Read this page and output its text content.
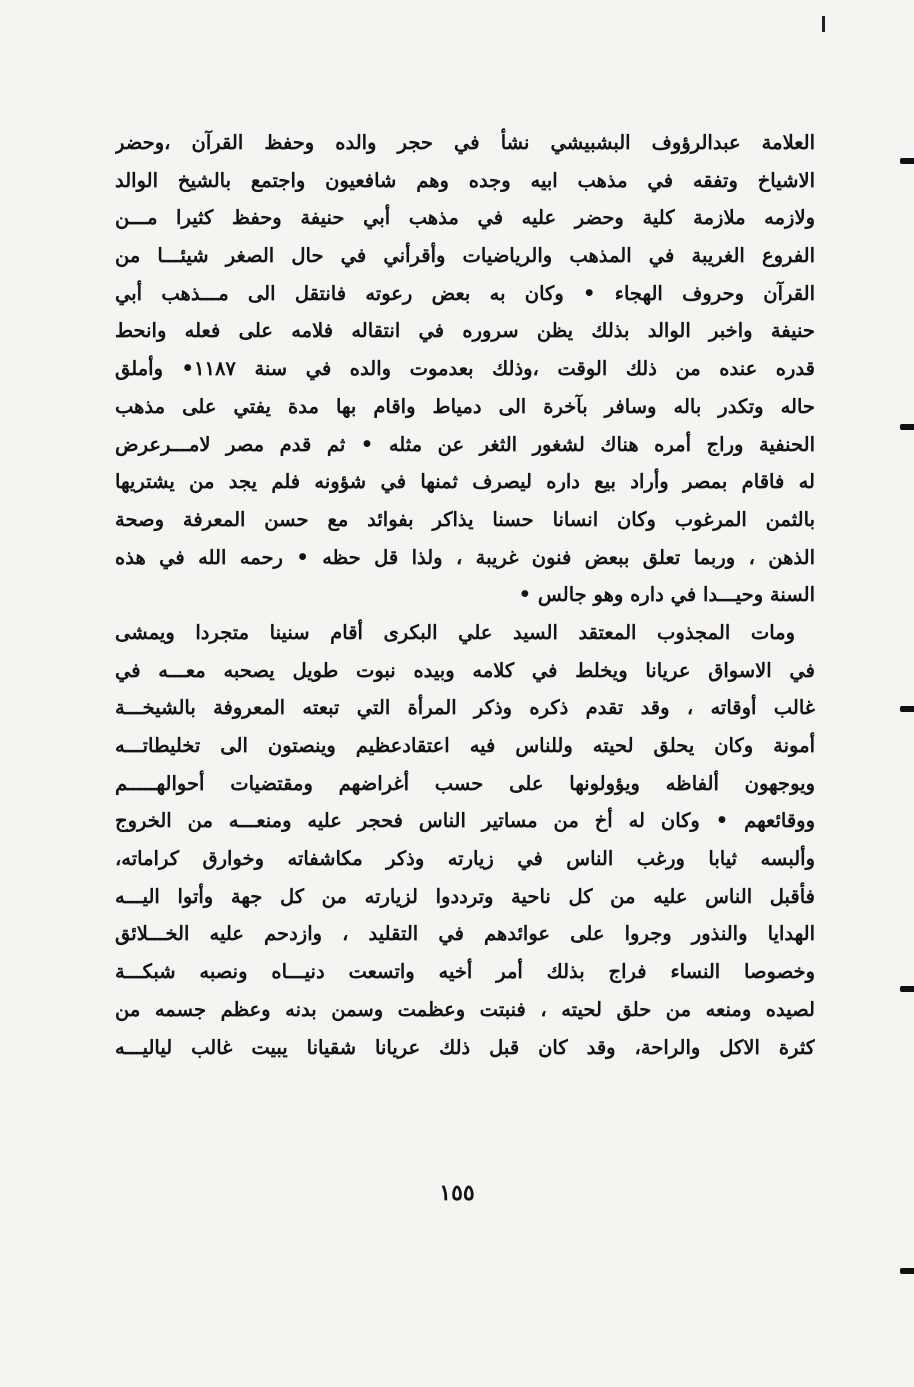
العلامة عبدالرؤوف البشبيشي نشأ في حجر والده وحفظ القرآن ،وحضر
الاشياخ وتفقه في مذهب ابيه وجده وهم شافعيون واجتمع بالشيخ الوالد
ولازمه ملازمة كلية وحضر عليه في مذهب أبي حنيفة وحفظ كثيرا مـــن
الفروع الغريبة في المذهب والرياضيات وأقرأني في حال الصغر شيئـــا من
القرآن وحروف الهجاء • وكان به بعض رعوته فانتقل الى مـــذهب أبي
حنيفة واخبر الوالد بذلك يظن سروره في انتقاله فلامه على فعله وانحط
قدره عنده من ذلك الوقت ،وذلك بعدموت والده في سنة ١١٨٧• وأملق
حاله وتكدر باله وسافر بآخرة الى دمياط واقام بها مدة يفتي على مذهب
الحنفية وراج أمره هناك لشغور الثغر عن مثله • ثم قدم مصر لامـــرعرض
له فاقام بمصر وأراد بيع داره ليصرف ثمنها في شؤونه فلم يجد من يشتريها
بالثمن المرغوب وكان انسانا حسنا يذاكر بفوائد مع حسن المعرفة وصحة
الذهن ، وربما تعلق ببعض فنون غريبة ، ولذا قل حظه • رحمه الله في هذه
السنة وحيـــدا في داره وهو جالس •
ومات المجذوب المعتقد السيد علي البكرى أقام سنينا متجردا ويمشى
في الاسواق عريانا ويخلط في كلامه وبيده نبوت طويل يصحبه معـــه في
غالب أوقاته ، وقد تقدم ذكره وذكر المرأة التي تبعته المعروفة بالشيخـــة
أمونة وكان يحلق لحيته وللناس فيه اعتقادعظيم وينصتون الى تخليطاتـــه
ويوجهون ألفاظه ويؤولونها على حسب أغراضهم ومقتضيات أحوالهـــــم
ووقائعهم • وكان له أخ من مساتير الناس فحجر عليه ومنعـــه من الخروج
وألبسه ثيابا ورغب الناس في زيارته وذكر مكاشفاته وخوارق كراماته،
فأقبل الناس عليه من كل ناحية وترددوا لزيارته من كل جهة وأتوا اليـــه
الهدايا والنذور وجروا على عوائدهم في التقليد ، وازدحم عليه الخـــلائق
وخصوصا النساء فراج بذلك أمر أخيه واتسعت دنيـــاه ونصبه شبكـــة
لصيده ومنعه من حلق لحيته ، فنبتت وعظمت وسمن بدنه وعظم جسمه من
كثرة الاكل والراحة، وقد كان قبل ذلك عريانا شقيانا يبيت غالب لياليـــه
١٥٥
